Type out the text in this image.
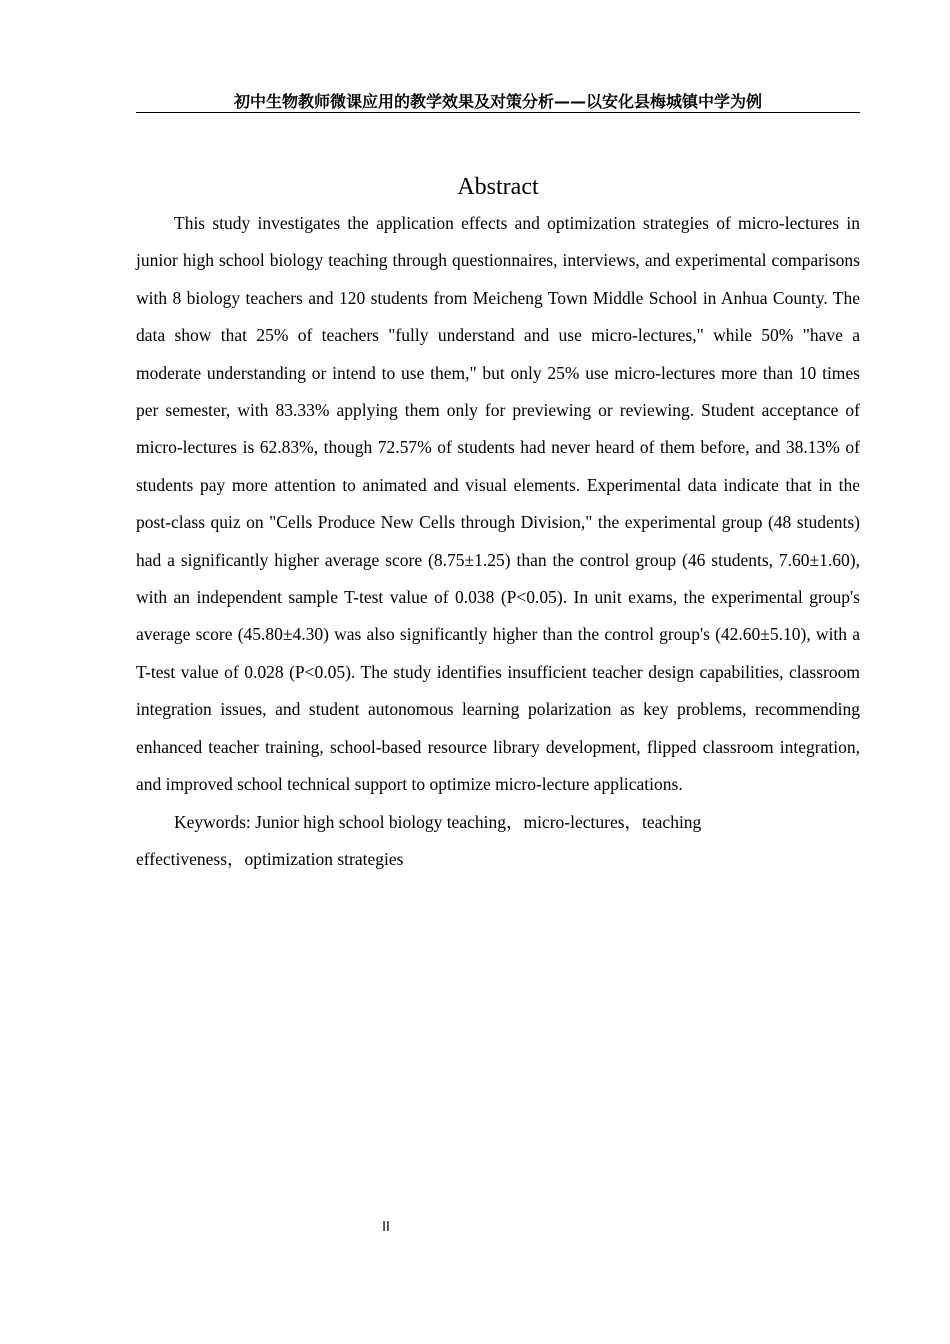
初中生物教师微课应用的教学效果及对策分析——以安化县梅城镇中学为例
Abstract

This study investigates the application effects and optimization strategies of micro-lectures in junior high school biology teaching through questionnaires, interviews, and experimental comparisons with 8 biology teachers and 120 students from Meicheng Town Middle School in Anhua County. The data show that 25% of teachers "fully understand and use micro-lectures," while 50% "have a moderate understanding or intend to use them," but only 25% use micro-lectures more than 10 times per semester, with 83.33% applying them only for previewing or reviewing. Student acceptance of micro-lectures is 62.83%, though 72.57% of students had never heard of them before, and 38.13% of students pay more attention to animated and visual elements. Experimental data indicate that in the post-class quiz on "Cells Produce New Cells through Division," the experimental group (48 students) had a significantly higher average score (8.75±1.25) than the control group (46 students, 7.60±1.60), with an independent sample T-test value of 0.038 (P<0.05). In unit exams, the experimental group's average score (45.80±4.30) was also significantly higher than the control group's (42.60±5.10), with a T-test value of 0.028 (P<0.05). The study identifies insufficient teacher design capabilities, classroom integration issues, and student autonomous learning polarization as key problems, recommending enhanced teacher training, school-based resource library development, flipped classroom integration, and improved school technical support to optimize micro-lecture applications.

Keywords: Junior high school biology teaching，micro-lectures，teaching effectiveness，optimization strategies

II
